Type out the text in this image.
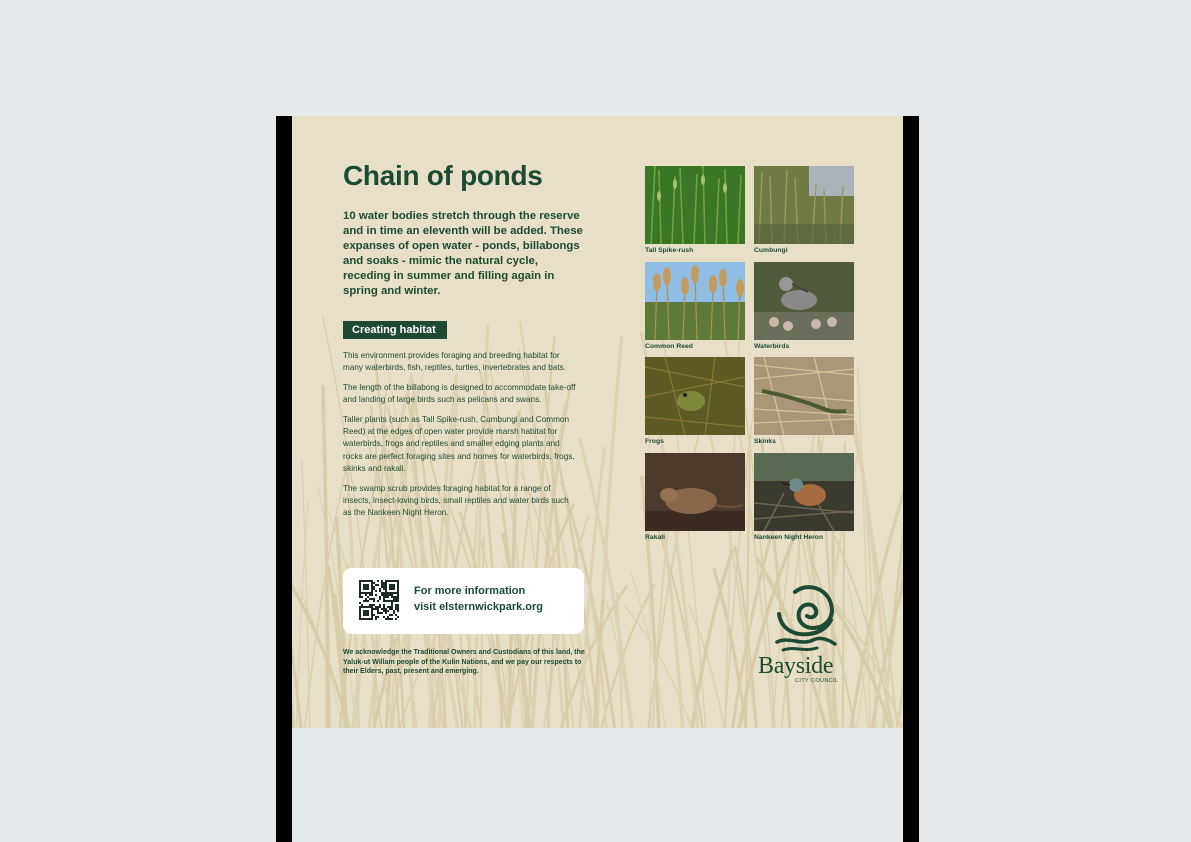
Chain of ponds

10 water bodies stretch through the reserve and in time an eleventh will be added. These expanses of open water - ponds, billabongs and soaks - mimic the natural cycle, receding in summer and filling again in spring and winter.

Creating habitat

This environment provides foraging and breeding habitat for many waterbirds, fish, reptiles, turtles, invertebrates and bats.

The length of the billabong is designed to accommodate take-off and landing of large birds such as pelicans and swans.

Taller plants (such as Tall Spike-rush, Cumbungi and Common Reed) at the edges of open water provide marsh habitat for waterbirds, frogs and reptiles and smaller edging plants and rocks are perfect foraging sites and homes for waterbirds, frogs, skinks and rakali.

The swamp scrub provides foraging habitat for a range of insects, insect-loving birds, small reptiles and water birds such as the Nankeen Night Heron.

For more information
visit elsternwickpark.org

We acknowledge the Traditional Owners and Custodians of this land, the Yaluk-ut Willam people of the Kulin Nations, and we pay our respects to their Elders, past, present and emerging.

Tall Spike-rush	Cumbungi
Common Reed	Waterbirds
Frogs	Skinks
Rakali	Nankeen Night Heron
Bayside
CITY COUNCIL
